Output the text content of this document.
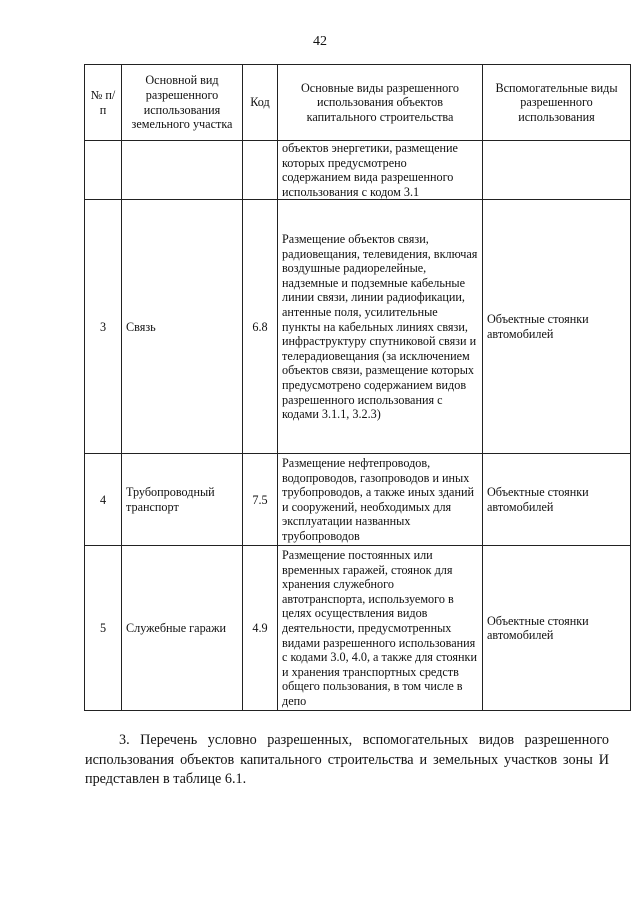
42
№ п/п	Основной вид разрешенного использования земельного участка	Код	Основные виды разрешенного использования объектов капитального строительства	Вспомогательные виды разрешенного использования
			объектов энергетики, размещение которых предусмотрено содержанием вида разрешенного использования с кодом 3.1	
3	Связь	6.8	Размещение объектов связи, радиовещания, телевидения, включая воздушные радиорелейные, надземные и подземные кабельные линии связи, линии радиофикации, антенные поля, усилительные пункты на кабельных линиях связи, инфраструктуру спутниковой связи и телерадиовещания (за исключением объектов связи, размещение которых предусмотрено содержанием видов разрешенного использования с кодами 3.1.1, 3.2.3)	Объектные стоянки автомобилей
4	Трубопроводный транспорт	7.5	Размещение нефтепроводов, водопроводов, газопроводов и иных трубопроводов, а также иных зданий и сооружений, необходимых для эксплуатации названных трубопроводов	Объектные стоянки автомобилей
5	Служебные гаражи	4.9	Размещение постоянных или временных гаражей, стоянок для хранения служебного автотранспорта, используемого в целях осуществления видов деятельности, предусмотренных видами разрешенного использования с кодами 3.0, 4.0, а также для стоянки и хранения транспортных средств общего пользования, в том числе в депо	Объектные стоянки автомобилей

3. Перечень условно разрешенных, вспомогательных видов разрешенного использования объектов капитального строительства и земельных участков зоны И представлен в таблице 6.1.
